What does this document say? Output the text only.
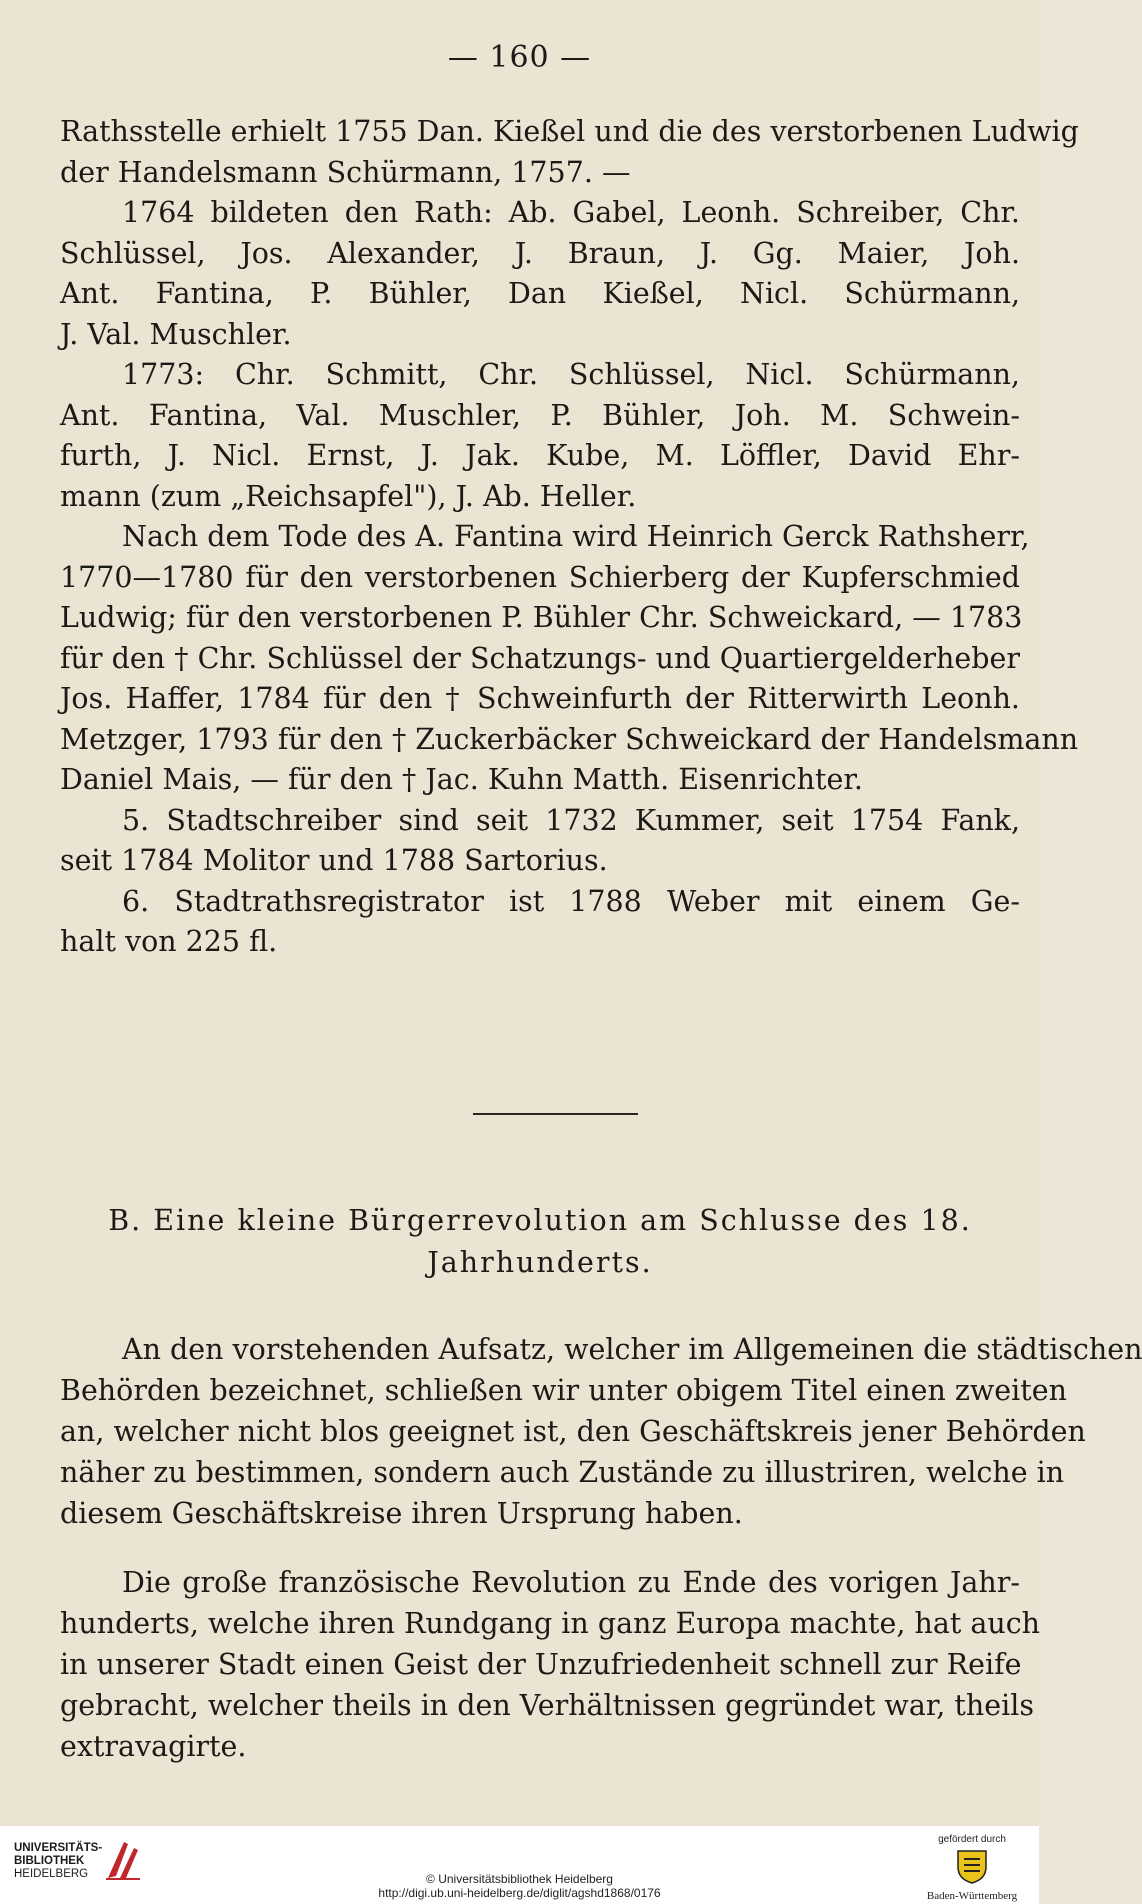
— 160 —

Rathsstelle erhielt 1755 Dan. Kießel und die des verstorbenen Ludwig
der Handelsmann Schürmann, 1757. —

1764 bildeten den Rath: Ab. Gabel, Leonh. Schreiber, Chr.
Schlüssel, Jos. Alexander, J. Braun, J. Gg. Maier, Joh.
Ant. Fantina, P. Bühler, Dan Kießel, Nicl. Schürmann,
J. Val. Muschler.

1773: Chr. Schmitt, Chr. Schlüssel, Nicl. Schürmann,
Ant. Fantina, Val. Muschler, P. Bühler, Joh. M. Schwein-
furth, J. Nicl. Ernst, J. Jak. Kube, M. Löffler, David Ehr-
mann (zum „Reichsapfel"), J. Ab. Heller.

Nach dem Tode des A. Fantina wird Heinrich Gerck Rathsherr,
1770—1780 für den verstorbenen Schierberg der Kupferschmied
Ludwig; für den verstorbenen P. Bühler Chr. Schweickard, — 1783
für den † Chr. Schlüssel der Schatzungs- und Quartiergelderheber
Jos. Haffer, 1784 für den † Schweinfurth der Ritterwirth Leonh.
Metzger, 1793 für den † Zuckerbäcker Schweickard der Handelsmann
Daniel Mais, — für den † Jac. Kuhn Matth. Eisenrichter.

5. Stadtschreiber sind seit 1732 Kummer, seit 1754 Fank,
seit 1784 Molitor und 1788 Sartorius.

6. Stadtrathsregistrator ist 1788 Weber mit einem Ge-
halt von 225 fl.

B. Eine kleine Bürgerrevolution am Schlusse des 18.
Jahrhunderts.

An den vorstehenden Aufsatz, welcher im Allgemeinen die städtischen
Behörden bezeichnet, schließen wir unter obigem Titel einen zweiten
an, welcher nicht blos geeignet ist, den Geschäftskreis jener Behörden
näher zu bestimmen, sondern auch Zustände zu illustriren, welche in
diesem Geschäftskreise ihren Ursprung haben.

Die große französische Revolution zu Ende des vorigen Jahr-
hunderts, welche ihren Rundgang in ganz Europa machte, hat auch
in unserer Stadt einen Geist der Unzufriedenheit schnell zur Reife
gebracht, welcher theils in den Verhältnissen gegründet war, theils
extravagirte.

UNIVERSITÄTS-
BIBLIOTHEK
HEIDELBERG	© Universitätsbibliothek Heidelberg
http://digi.ub.uni-heidelberg.de/diglit/agshd1868/0176
gefördert durch
Baden-Württemberg
